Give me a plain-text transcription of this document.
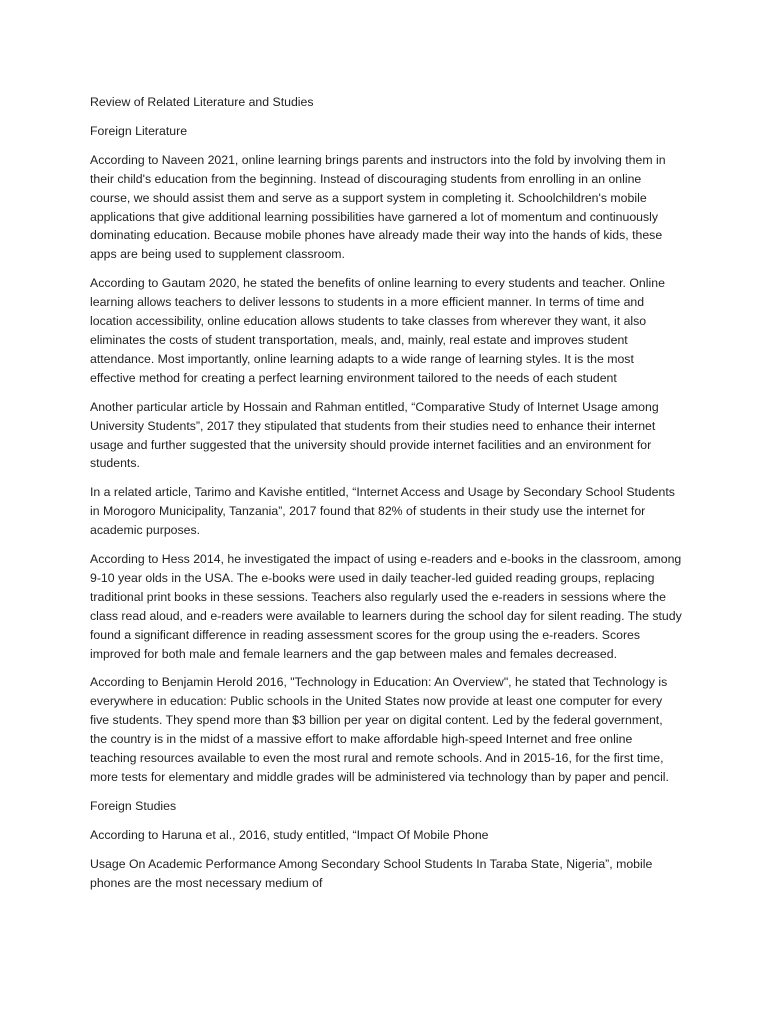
Review of Related Literature and Studies

Foreign Literature

According to Naveen 2021, online learning brings parents and instructors into the fold by involving them in their child's education from the beginning. Instead of discouraging students from enrolling in an online course, we should assist them and serve as a support system in completing it. Schoolchildren's mobile applications that give additional learning possibilities have garnered a lot of momentum and continuously dominating education. Because mobile phones have already made their way into the hands of kids, these apps are being used to supplement classroom.

According to Gautam 2020, he stated the benefits of online learning to every students and teacher. Online learning allows teachers to deliver lessons to students in a more efficient manner. In terms of time and location accessibility, online education allows students to take classes from wherever they want, it also eliminates the costs of student transportation, meals, and, mainly, real estate and improves student attendance. Most importantly, online learning adapts to a wide range of learning styles. It is the most effective method for creating a perfect learning environment tailored to the needs of each student

Another particular article by Hossain and Rahman entitled, “Comparative Study of Internet Usage among University Students”, 2017 they stipulated that students from their studies need to enhance their internet usage and further suggested that the university should provide internet facilities and an environment for students.

In a related article, Tarimo and Kavishe entitled, “Internet Access and Usage by Secondary School Students in Morogoro Municipality, Tanzania”, 2017 found that 82% of students in their study use the internet for academic purposes.

According to Hess 2014, he investigated the impact of using e-readers and e-books in the classroom, among 9-10 year olds in the USA. The e-books were used in daily teacher-led guided reading groups, replacing traditional print books in these sessions. Teachers also regularly used the e-readers in sessions where the class read aloud, and e-readers were available to learners during the school day for silent reading. The study found a significant difference in reading assessment scores for the group using the e-readers. Scores improved for both male and female learners and the gap between males and females decreased.

According to Benjamin Herold 2016, "Technology in Education: An Overview", he stated that Technology is everywhere in education: Public schools in the United States now provide at least one computer for every five students. They spend more than $3 billion per year on digital content. Led by the federal government, the country is in the midst of a massive effort to make affordable high-speed Internet and free online teaching resources available to even the most rural and remote schools. And in 2015-16, for the first time, more tests for elementary and middle grades will be administered via technology than by paper and pencil.

Foreign Studies

According to Haruna et al., 2016, study entitled, “Impact Of Mobile Phone

Usage On Academic Performance Among Secondary School Students In Taraba State, Nigeria”, mobile phones are the most necessary medium of
